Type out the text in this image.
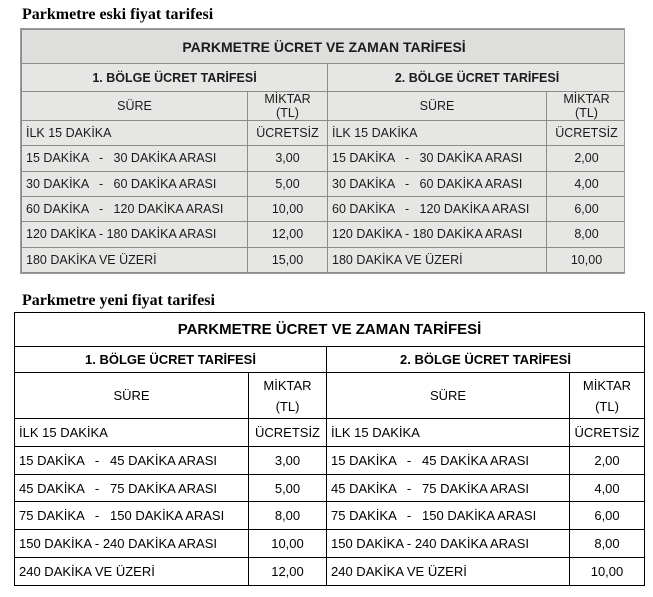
Parkmetre eski fiyat tarifesi
PARKMETRE ÜCRET VE ZAMAN TARİFESİ			
1. BÖLGE ÜCRET TARİFESİ		2. BÖLGE ÜCRET TARİFESİ	
SÜRE	MİKTAR (TL)	SÜRE	MİKTAR (TL)
İLK 15 DAKİKA	ÜCRETSİZ	İLK 15 DAKİKA	ÜCRETSİZ
15 DAKİKA   -   30 DAKİKA ARASI	3,00	15 DAKİKA   -   30 DAKİKA ARASI	2,00
30 DAKİKA   -   60 DAKİKA ARASI	5,00	30 DAKİKA   -   60 DAKİKA ARASI	4,00
60 DAKİKA   -   120 DAKİKA ARASI	10,00	60 DAKİKA   -   120 DAKİKA ARASI	6,00
120 DAKİKA - 180 DAKİKA ARASI	12,00	120 DAKİKA - 180 DAKİKA ARASI	8,00
180 DAKİKA VE ÜZERİ	15,00	180 DAKİKA VE ÜZERİ	10,00
Parkmetre yeni fiyat tarifesi
PARKMETRE ÜCRET VE ZAMAN TARİFESİ			
1. BÖLGE ÜCRET TARİFESİ		2. BÖLGE ÜCRET TARİFESİ	
SÜRE	MİKTAR (TL)	SÜRE	MİKTAR (TL)
İLK 15 DAKİKA	ÜCRETSİZ	İLK 15 DAKİKA	ÜCRETSİZ
15 DAKİKA   -   45 DAKİKA ARASI	3,00	15 DAKİKA   -   45 DAKİKA ARASI	2,00
45 DAKİKA   -   75 DAKİKA ARASI	5,00	45 DAKİKA   -   75 DAKİKA ARASI	4,00
75 DAKİKA   -   150 DAKİKA ARASI	8,00	75 DAKİKA   -   150 DAKİKA ARASI	6,00
150 DAKİKA - 240 DAKİKA ARASI	10,00	150 DAKİKA - 240 DAKİKA ARASI	8,00
240 DAKİKA VE ÜZERİ	12,00	240 DAKİKA VE ÜZERİ	10,00
